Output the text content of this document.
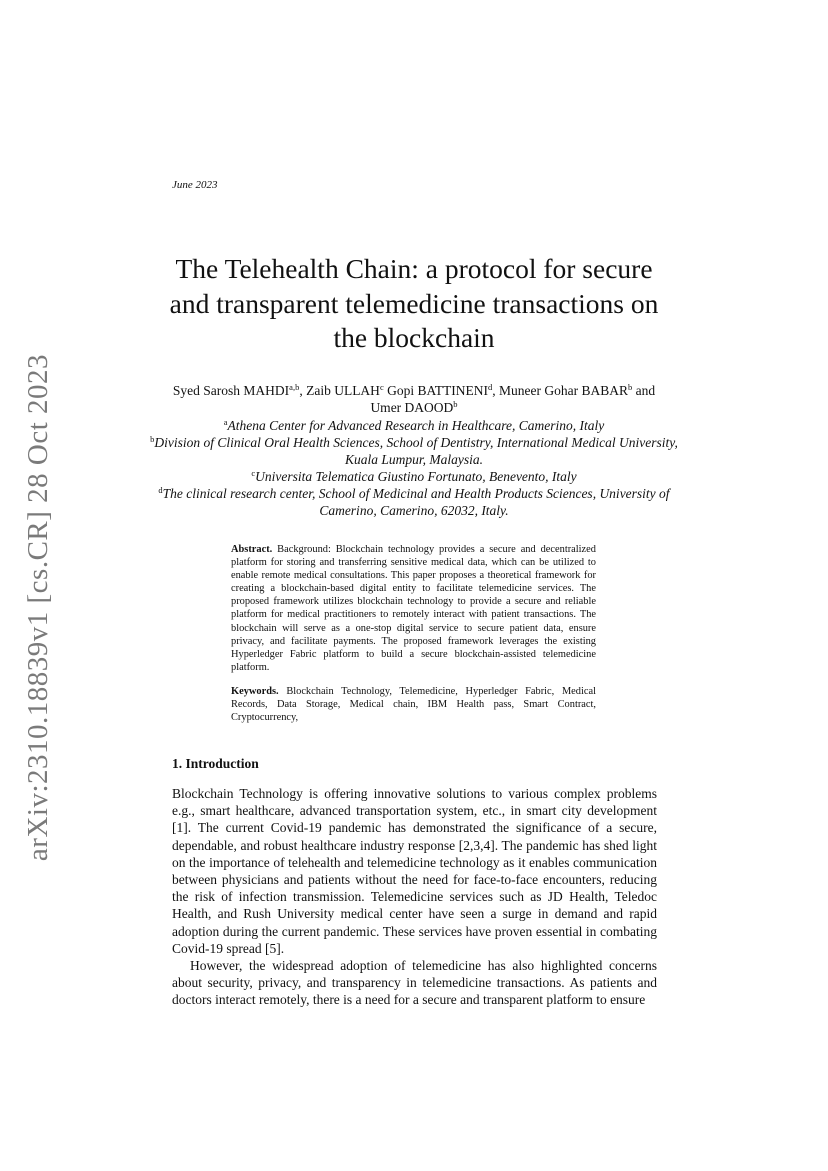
arXiv:2310.18839v1 [cs.CR] 28 Oct 2023
June 2023
The Telehealth Chain: a protocol for secure and transparent telemedicine transactions on the blockchain
Syed Sarosh MAHDI$^{a,b}$, Zaib ULLAH$^c$ Gopi BATTINENI$^d$, Muneer Gohar BABAR$^b$ and Umer DAOOD$^b$
$^a$Athena Center for Advanced Research in Healthcare, Camerino, Italy
$^b$Division of Clinical Oral Health Sciences, School of Dentistry, International Medical University, Kuala Lumpur, Malaysia.
$^c$Universita Telematica Giustino Fortunato, Benevento, Italy
$^d$The clinical research center, School of Medicinal and Health Products Sciences, University of Camerino, Camerino, 62032, Italy.
Abstract. Background: Blockchain technology provides a secure and decentralized platform for storing and transferring sensitive medical data, which can be utilized to enable remote medical consultations. This paper proposes a theoretical framework for creating a blockchain-based digital entity to facilitate telemedicine services. The proposed framework utilizes blockchain technology to provide a secure and reliable platform for medical practitioners to remotely interact with patient transactions. The blockchain will serve as a one-stop digital service to secure patient data, ensure privacy, and facilitate payments. The proposed framework leverages the existing Hyperledger Fabric platform to build a secure blockchain-assisted telemedicine platform.
Keywords. Blockchain Technology, Telemedicine, Hyperledger Fabric, Medical Records, Data Storage, Medical chain, IBM Health pass, Smart Contract, Cryptocurrency,
1. Introduction

Blockchain Technology is offering innovative solutions to various complex problems e.g., smart healthcare, advanced transportation system, etc., in smart city development [1]. The current Covid-19 pandemic has demonstrated the significance of a secure, dependable, and robust healthcare industry response [2,3,4]. The pandemic has shed light on the importance of telehealth and telemedicine technology as it enables communication between physicians and patients without the need for face-to-face encounters, reducing the risk of infection transmission. Telemedicine services such as JD Health, Teledoc Health, and Rush University medical center have seen a surge in demand and rapid adoption during the current pandemic. These services have proven essential in combating Covid-19 spread [5].

However, the widespread adoption of telemedicine has also highlighted concerns about security, privacy, and transparency in telemedicine transactions. As patients and doctors interact remotely, there is a need for a secure and transparent platform to ensure
